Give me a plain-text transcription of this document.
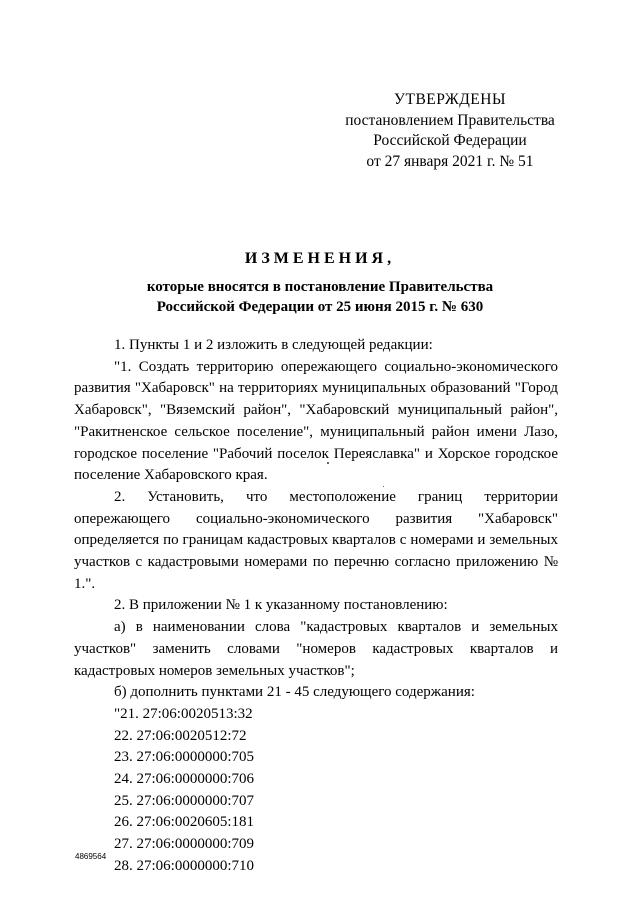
УТВЕРЖДЕНЫ
постановлением Правительства
Российской Федерации
от 27 января 2021 г. № 51
ИЗМЕНЕНИЯ,
которые вносятся в постановление Правительства
Российской Федерации от 25 июня 2015 г. № 630

1. Пункты 1 и 2 изложить в следующей редакции:

"1. Создать территорию опережающего социально-экономического развития "Хабаровск" на территориях муниципальных образований "Город Хабаровск", "Вяземский район", "Хабаровский муниципальный район", "Ракитненское сельское поселение", муниципальный район имени Лазо, городское поселение "Рабочий поселок Переяславка" и Хорское городское поселение Хабаровского края.

2. Установить, что местоположение границ территории опережающего социально-экономического развития "Хабаровск" определяется по границам кадастровых кварталов с номерами и земельных участков с кадастровыми номерами по перечню согласно приложению № 1.".

2. В приложении № 1 к указанному постановлению:

а) в наименовании слова "кадастровых кварталов и земельных участков" заменить словами "номеров кадастровых кварталов и кадастровых номеров земельных участков";

б) дополнить пунктами 21 - 45 следующего содержания:

"21. 27:06:0020513:32

22. 27:06:0020512:72

23. 27:06:0000000:705

24. 27:06:0000000:706

25. 27:06:0000000:707

26. 27:06:0020605:181

27. 27:06:0000000:709

28. 27:06:0000000:710

4869564
